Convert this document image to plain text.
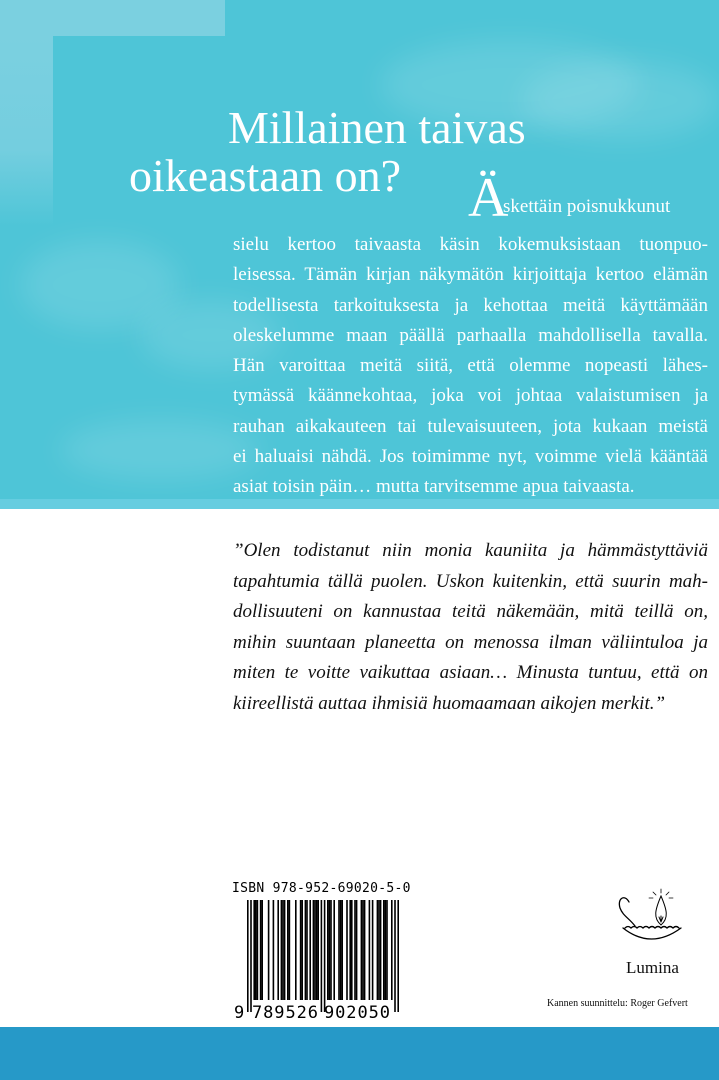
Millainen taivas
oikeastaan on? Ä
skettäin poisnukkunut
sielu kertoo taivaasta käsin kokemuksistaan tuonpuo-
leisessa. Tämän kirjan näkymätön kirjoittaja kertoo elämän
todellisesta tarkoituksesta ja kehottaa meitä käyttämään
oleskelumme maan päällä parhaalla mahdollisella tavalla.
Hän varoittaa meitä siitä, että olemme nopeasti lähes-
tymässä käännekohtaa, joka voi johtaa valaistumisen ja
rauhan aikakauteen tai tulevaisuuteen, jota kukaan meistä
ei haluaisi nähdä. Jos toimimme nyt, voimme vielä kääntää
asiat toisin päin… mutta tarvitsemme apua taivaasta.
”Olen todistanut niin monia kauniita ja hämmästyttäviä
tapahtumia tällä puolen. Uskon kuitenkin, että suurin mah-
dollisuuteni on kannustaa teitä näkemään, mitä teillä on,
mihin suuntaan planeetta on menossa ilman väliintuloa ja
miten te voitte vaikuttaa asiaan… Minusta tuntuu, että on
kiireellistä auttaa ihmisiä huomaamaan aikojen merkit.”
ISBN 978-952-69020-5-0
9 789526 902050
Lumina
Kannen suunnittelu: Roger Gefvert
